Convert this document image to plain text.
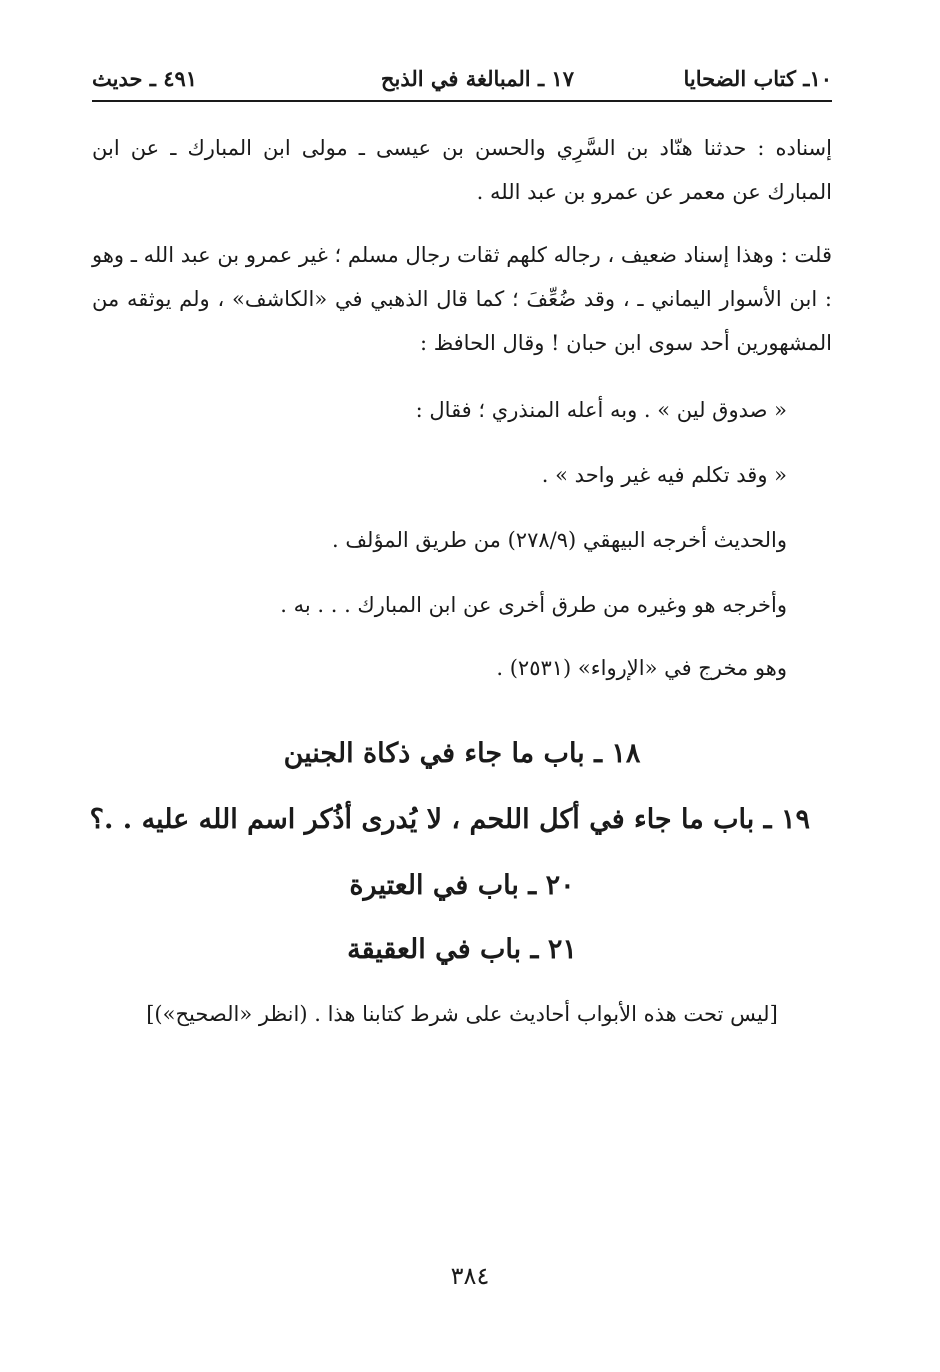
١٠ـ كتاب الضحايا
١٧ ـ المبالغة في الذبح
٤٩١ ـ حديث

إسناده : حدثنا هنّاد بن السَّرِي والحسن بن عيسى ـ مولى ابن المبارك ـ عن ابن المبارك عن معمر عن عمرو بن عبد الله .

قلت : وهذا إسناد ضعيف ، رجاله كلهم ثقات رجال مسلم ؛ غير عمرو بن عبد الله ـ وهو : ابن الأسوار اليماني ـ ، وقد ضُعِّفَ ؛ كما قال الذهبي في «الكاشف» ، ولم يوثقه من المشهورين أحد سوى ابن حبان ! وقال الحافظ :

« صدوق لين » . وبه أعله المنذري ؛ فقال :

« وقد تكلم فيه غير واحد » .

والحديث أخرجه البيهقي (٢٧٨/٩) من طريق المؤلف .

وأخرجه هو وغيره من طرق أخرى عن ابن المبارك . . . به .

وهو مخرج في «الإرواء» (٢٥٣١) .

١٨ ـ باب ما جاء في ذكاة الجنين
١٩ ـ باب ما جاء في أكل اللحم ، لا يُدرى أذُكر اسم الله عليه . .؟
٢٠ ـ باب في العتيرة
٢١ ـ باب في العقيقة

[ليس تحت هذه الأبواب أحاديث على شرط كتابنا هذا . (انظر «الصحيح»)]

٣٨٤
